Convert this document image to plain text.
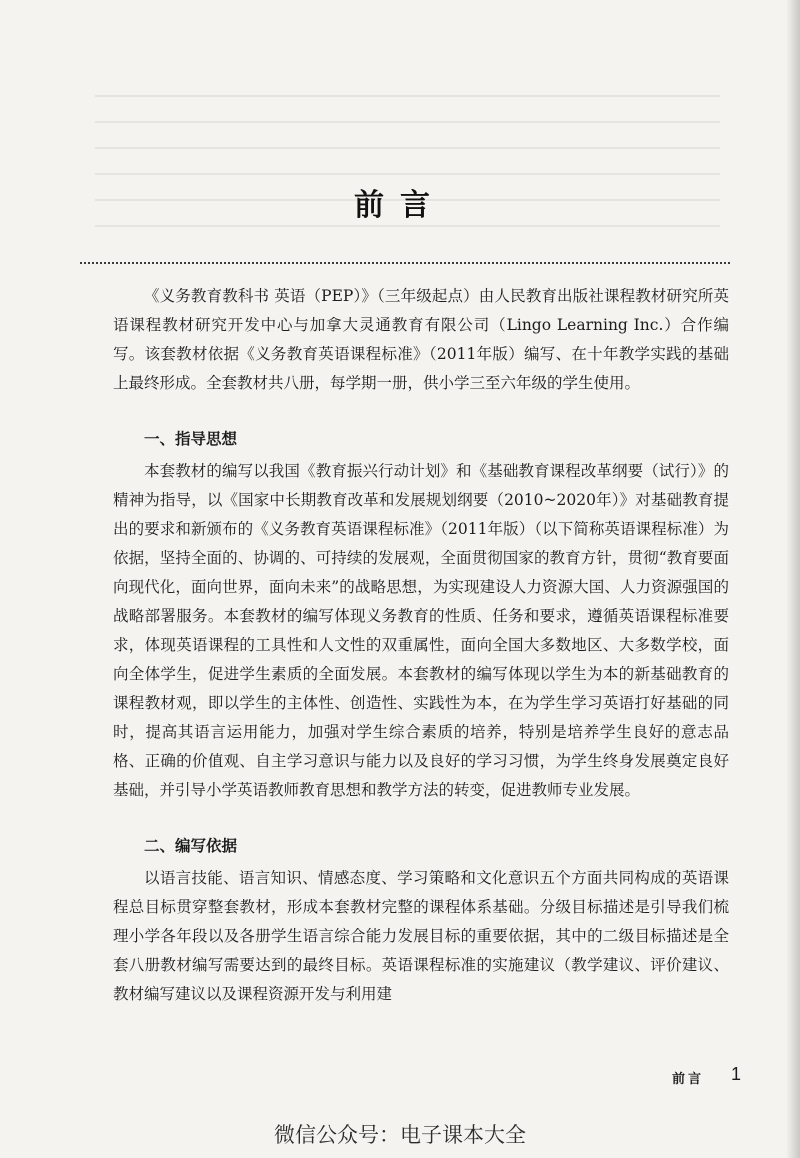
前言

《义务教育教科书 英语（PEP）》（三年级起点）由人民教育出版社课程教材研究所英语课程教材研究开发中心与加拿大灵通教育有限公司（Lingo Learning Inc.）合作编写。该套教材依据《义务教育英语课程标准》（2011年版）编写、在十年教学实践的基础上最终形成。全套教材共八册，每学期一册，供小学三至六年级的学生使用。

一、指导思想

本套教材的编写以我国《教育振兴行动计划》和《基础教育课程改革纲要（试行）》的精神为指导，以《国家中长期教育改革和发展规划纲要（2010~2020年）》对基础教育提出的要求和新颁布的《义务教育英语课程标准》（2011年版）（以下简称英语课程标准）为依据，坚持全面的、协调的、可持续的发展观，全面贯彻国家的教育方针，贯彻“教育要面向现代化，面向世界，面向未来”的战略思想，为实现建设人力资源大国、人力资源强国的战略部署服务。本套教材的编写体现义务教育的性质、任务和要求，遵循英语课程标准要求，体现英语课程的工具性和人文性的双重属性，面向全国大多数地区、大多数学校，面向全体学生，促进学生素质的全面发展。本套教材的编写体现以学生为本的新基础教育的课程教材观，即以学生的主体性、创造性、实践性为本，在为学生学习英语打好基础的同时，提高其语言运用能力，加强对学生综合素质的培养，特别是培养学生良好的意志品格、正确的价值观、自主学习意识与能力以及良好的学习习惯，为学生终身发展奠定良好基础，并引导小学英语教师教育思想和教学方法的转变，促进教师专业发展。

二、编写依据

以语言技能、语言知识、情感态度、学习策略和文化意识五个方面共同构成的英语课程总目标贯穿整套教材，形成本套教材完整的课程体系基础。分级目标描述是引导我们梳理小学各年段以及各册学生语言综合能力发展目标的重要依据，其中的二级目标描述是全套八册教材编写需要达到的最终目标。英语课程标准的实施建议（教学建议、评价建议、教材编写建议以及课程资源开发与利用建

前言 1
微信公众号：电子课本大全
